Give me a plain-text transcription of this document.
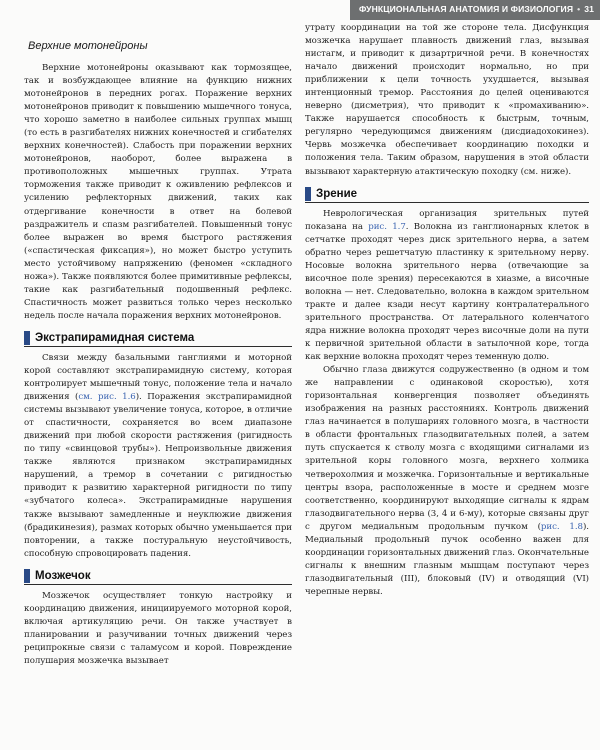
ФУНКЦИОНАЛЬНАЯ АНАТОМИЯ И ФИЗИОЛОГИЯ • 31
Верхние мотонейроны

Верхние мотонейроны оказывают как тормозящее, так и возбуждающее влияние на функцию нижних мотонейронов в передних рогах. Поражение верхних мотонейронов приводит к повышению мышечного тонуса, что хорошо заметно в наиболее сильных группах мышц (то есть в разгибателях нижних конечностей и сгибателях верхних конечностей). Слабость при поражении верхних мотонейронов, наоборот, более выражена в противоположных мышечных группах. Утрата торможения также приводит к оживлению рефлексов и усилению рефлекторных движений, таких как отдергивание конечности в ответ на болевой раздражитель и спазм разгибателей. Повышенный тонус более выражен во время быстрого растяжения («спастическая фиксация»), но может быстро уступить место устойчивому напряжению (феномен «складного ножа»). Также появляются более примитивные рефлексы, такие как разгибательный подошвенный рефлекс. Спастичность может развиться только через несколько недель после начала поражения верхних мотонейронов.

Экстрапирамидная система

Связи между базальными ганглиями и моторной корой составляют экстрапирамидную систему, которая контролирует мышечный тонус, положение тела и начало движения (см. рис. 1.6). Поражения экстрапирамидной системы вызывают увеличение тонуса, которое, в отличие от спастичности, сохраняется во всем диапазоне движений при любой скорости растяжения (ригидность по типу «свинцовой трубы»). Непроизвольные движения также являются признаком экстрапирамидных нарушений, а тремор в сочетании с ригидностью приводит к развитию характерной ригидности по типу «зубчатого колеса». Экстрапирамидные нарушения также вызывают замедленные и неуклюжие движения (брадикинезия), размах которых обычно уменьшается при повторении, а также постуральную неустойчивость, способную спровоцировать падения.

Мозжечок

Мозжечок осуществляет тонкую настройку и координацию движения, инициируемого моторной корой, включая артикуляцию речи. Он также участвует в планировании и разучивании точных движений через реципрокные связи с таламусом и корой. Повреждение полушария мозжечка вызывает

утрату координации на той же стороне тела. Дисфункция мозжечка нарушает плавность движений глаз, вызывая нистагм, и приводит к дизартричной речи. В конечностях начало движений происходит нормально, но при приближении к цели точность ухудшается, вызывая интенционный тремор. Расстояния до целей оцениваются неверно (дисметрия), что приводит к «промахиванию». Также нарушается способность к быстрым, точным, регулярно чередующимся движениям (дисдиадохокинез). Червь мозжечка обеспечивает координацию походки и положения тела. Таким образом, нарушения в этой области вызывают характерную атактическую походку (см. ниже).

Зрение

Неврологическая организация зрительных путей показана на рис. 1.7. Волокна из ганглионарных клеток в сетчатке проходят через диск зрительного нерва, а затем обратно через решетчатую пластинку к зрительному нерву. Носовые волокна зрительного нерва (отвечающие за височное поле зрения) пересекаются в хиазме, а височные волокна — нет. Следовательно, волокна в каждом зрительном тракте и далее кзади несут картину контралатерального зрительного пространства. От латерального коленчатого ядра нижние волокна проходят через височные доли на пути к первичной зрительной области в затылочной коре, тогда как верхние волокна проходят через теменную долю.

Обычно глаза движутся содружественно (в одном и том же направлении с одинаковой скоростью), хотя горизонтальная конвергенция позволяет объединять изображения на разных расстояниях. Контроль движений глаз начинается в полушариях головного мозга, в частности в области фронтальных глазодвигательных полей, а затем путь спускается к стволу мозга с входящими сигналами из зрительной коры головного мозга, верхнего холмика четверохолмия и мозжечка. Горизонтальные и вертикальные центры взора, расположенные в мосте и среднем мозге соответственно, координируют выходящие сигналы к ядрам глазодвигательного нерва (3, 4 и 6-му), которые связаны друг с другом медиальным продольным пучком (рис. 1.8). Медиальный продольный пучок особенно важен для координации горизонтальных движений глаз. Окончательные сигналы к внешним глазным мышцам поступают через глазодвигательный (III), блоковый (IV) и отводящий (VI) черепные нервы.
